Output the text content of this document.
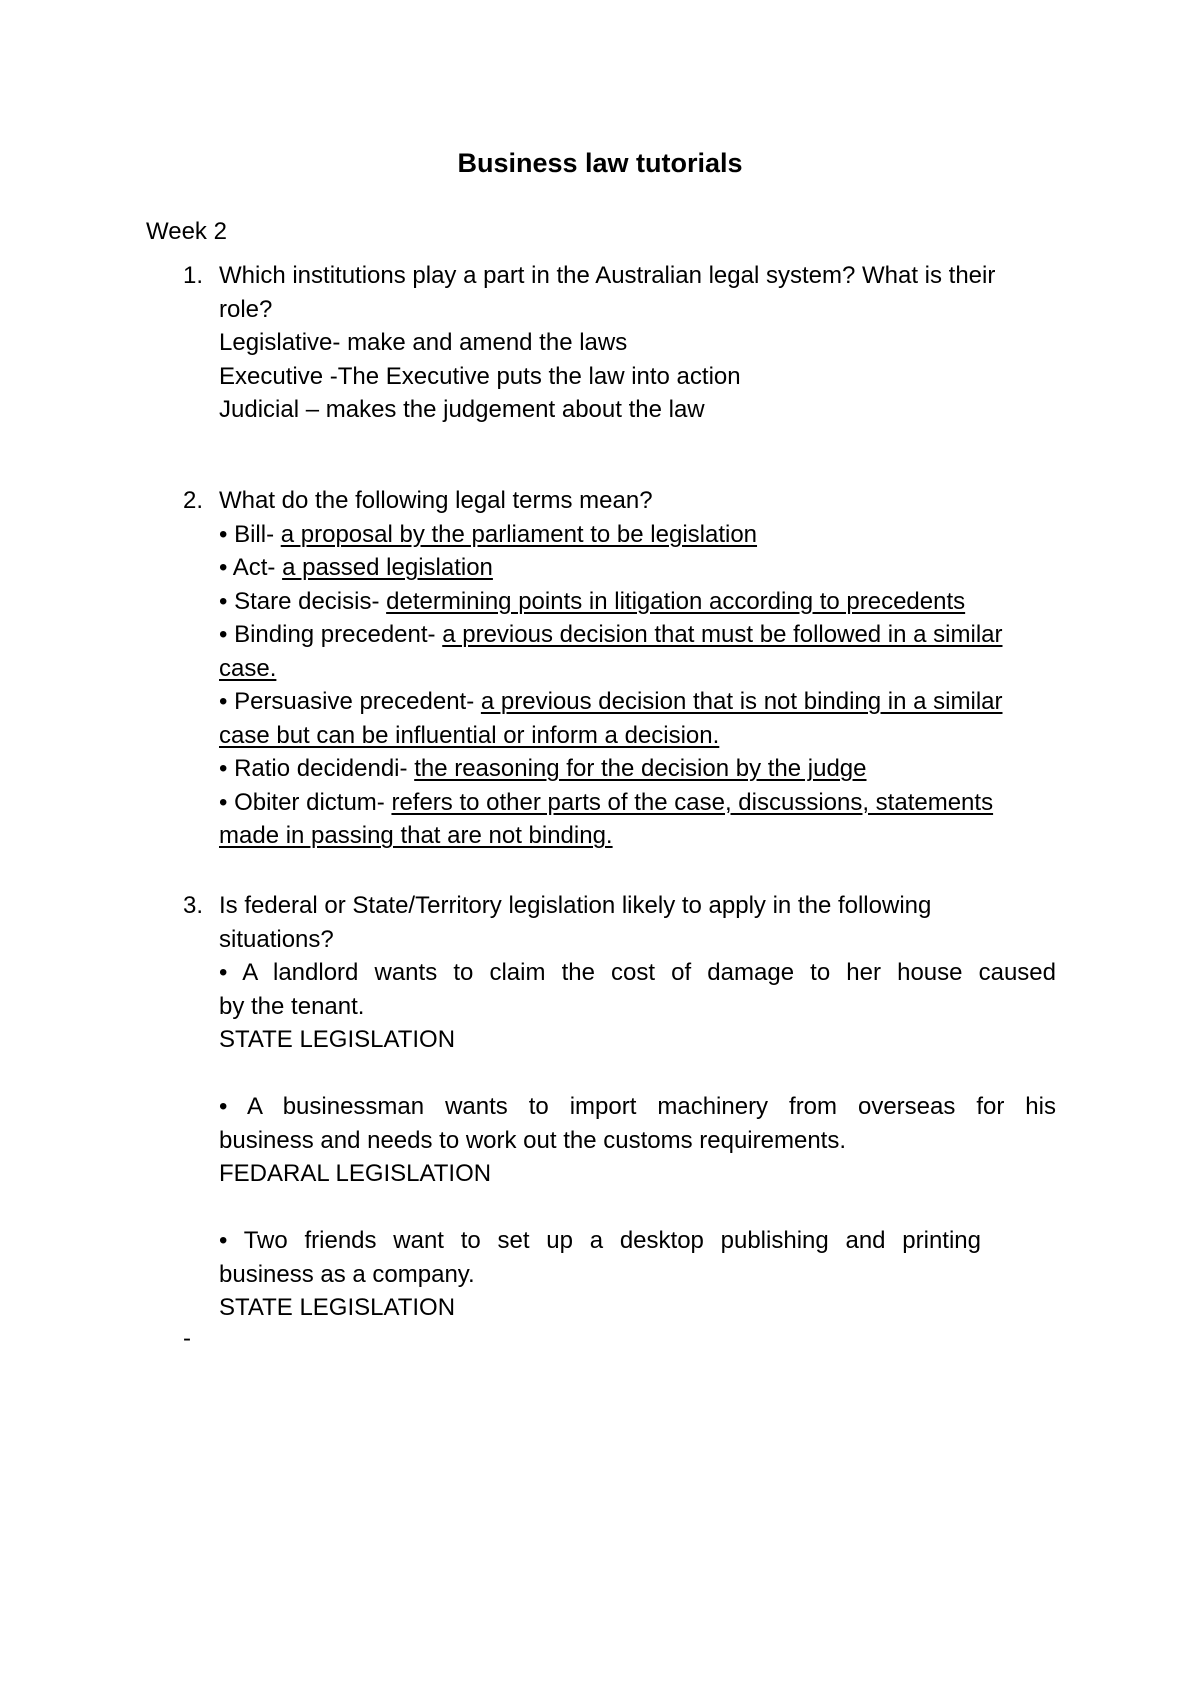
Business law tutorials
Week 2
1. Which institutions play a part in the Australian legal system? What is their
role?
Legislative- make and amend the laws
Executive -The Executive puts the law into action
Judicial – makes the judgement about the law
2. What do the following legal terms mean?
• Bill- a proposal by the parliament to be legislation
• Act- a passed legislation
• Stare decisis- determining points in litigation according to precedents
• Binding precedent- a previous decision that must be followed in a similar
case.
• Persuasive precedent- a previous decision that is not binding in a similar
case but can be influential or inform a decision.
• Ratio decidendi- the reasoning for the decision by the judge
• Obiter dictum- refers to other parts of the case, discussions, statements
made in passing that are not binding.
3. Is federal or State/Territory legislation likely to apply in the following
situations?
• A landlord wants to claim the cost of damage to her house caused
by the tenant.
STATE LEGISLATION
• A businessman wants to import machinery from overseas for his
business and needs to work out the customs requirements.
FEDARAL LEGISLATION
• Two friends want to set up a desktop publishing and printing
business as a company.
STATE LEGISLATION
-
